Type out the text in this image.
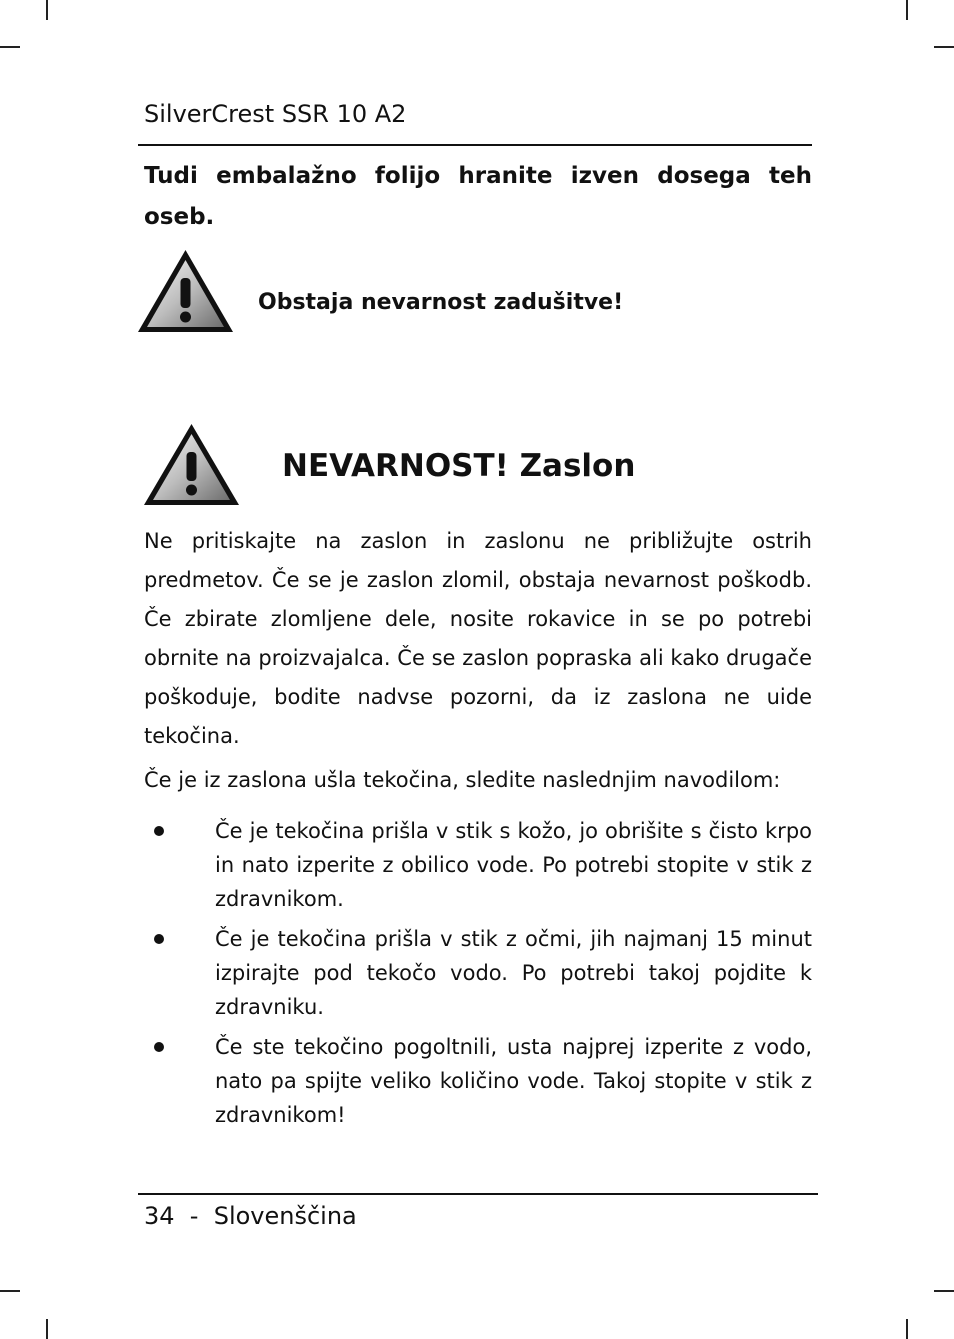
SilverCrest SSR 10 A2
Tudi embalažno folijo hranite izven dosega teh oseb.
Obstaja nevarnost zadušitve!
NEVARNOST! Zaslon
Ne pritiskajte na zaslon in zaslonu ne približujte ostrih predmetov. Če se je zaslon zlomil, obstaja nevarnost poškodb. Če zbirate zlomljene dele, nosite rokavice in se po potrebi obrnite na proizvajalca. Če se zaslon popraska ali kako drugače poškoduje, bodite nadvse pozorni, da iz zaslona ne uide tekočina.
Če je iz zaslona ušla tekočina, sledite naslednjim navodilom:
Če je tekočina prišla v stik s kožo, jo obrišite s čisto krpo in nato izperite z obilico vode. Po potrebi stopite v stik z zdravnikom.
Če je tekočina prišla v stik z očmi, jih najmanj 15 minut izpirajte pod tekočo vodo. Po potrebi takoj pojdite k zdravniku.
Če ste tekočino pogoltnili, usta najprej izperite z vodo, nato pa spijte veliko količino vode. Takoj stopite v stik z zdravnikom!
34  -  Slovenščina
